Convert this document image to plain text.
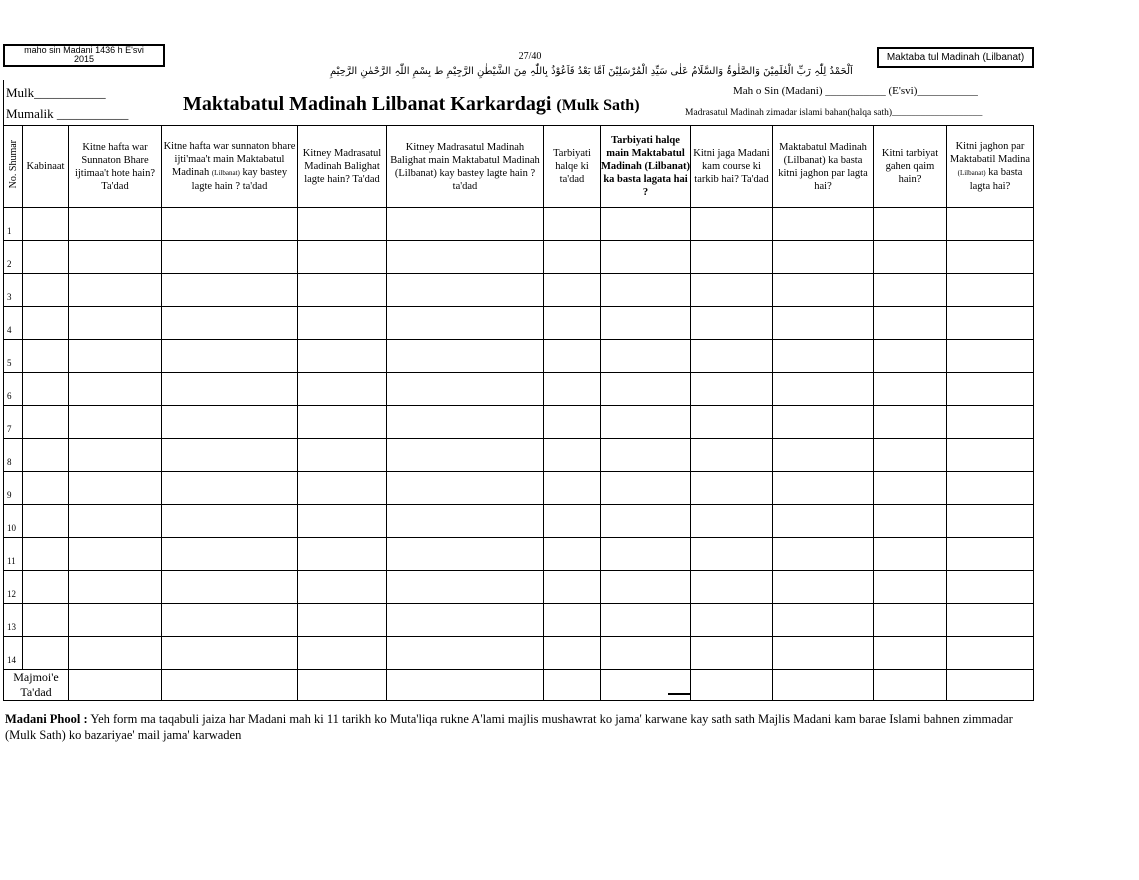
maho sin Madani 1436 h E'svi
2015	27/40	Maktaba tul Madinah (Lilbanat)
اَلْحَمْدُ لِلّٰہِ رَبِّ الْعٰلَمِیْنَ وَالصَّلٰوۃُ وَالسَّلَامُ عَلٰی سَیِّدِ الْمُرْسَلِیْنَ اَمَّا بَعْدُ فَاَعُوْذُ بِاللّٰہِ مِنَ الشَّیْطٰنِ الرَّجِیْمِ ط بِسْمِ اللّٰہِ الرَّحْمٰنِ الرَّحِیْمِ
Mulk___________
Mumalik ___________	Maktabatul Madinah Lilbanat Karkardagi (Mulk Sath)
Mah o Sin (Madani) ___________ (E'svi)___________
Madrasatul Madinah zimadar islami bahan(halqa sath)___________________
No. Shumar	Kabinaat	Kitne hafta war Sunnaton Bhare ijtimaa't hote hain? Ta'dad	Kitne hafta war sunnaton bhare ijti'maa't main Maktabatul Madinah (Lilbanat) kay bastey lagte hain ? ta'dad	Kitney Madrasatul Madinah Balighat lagte hain? Ta'dad	Kitney Madrasatul Madinah Balighat main Maktabatul Madinah (Lilbanat) kay bastey lagte hain ? ta'dad	Tarbiyati halqe ki ta'dad	Tarbiyati halqe main Maktabatul Madinah (Lilbanat) ka basta lagata hai ?	Kitni jaga Madani kam course ki tarkib hai? Ta'dad	Maktabatul Madinah (Lilbanat) ka basta kitni jaghon par lagta hai?	Kitni tarbiyat gahen qaim hain?	Kitni jaghon par Maktabatil Madina (Lilbanat) ka basta lagta hai?
1											
2											
3											
4											
5											
6											
7											
8											
9											
10											
11											
12											
13											
14											
Majmoi'e Ta'dad											
Madani Phool : Yeh form ma taqabuli jaiza har Madani mah ki 11 tarikh ko Muta'liqa rukne A'lami majlis mushawrat ko jama' karwane kay sath sath Majlis Madani kam barae Islami bahnen zimmadar (Mulk Sath) ko bazariyae' mail jama' karwaden
